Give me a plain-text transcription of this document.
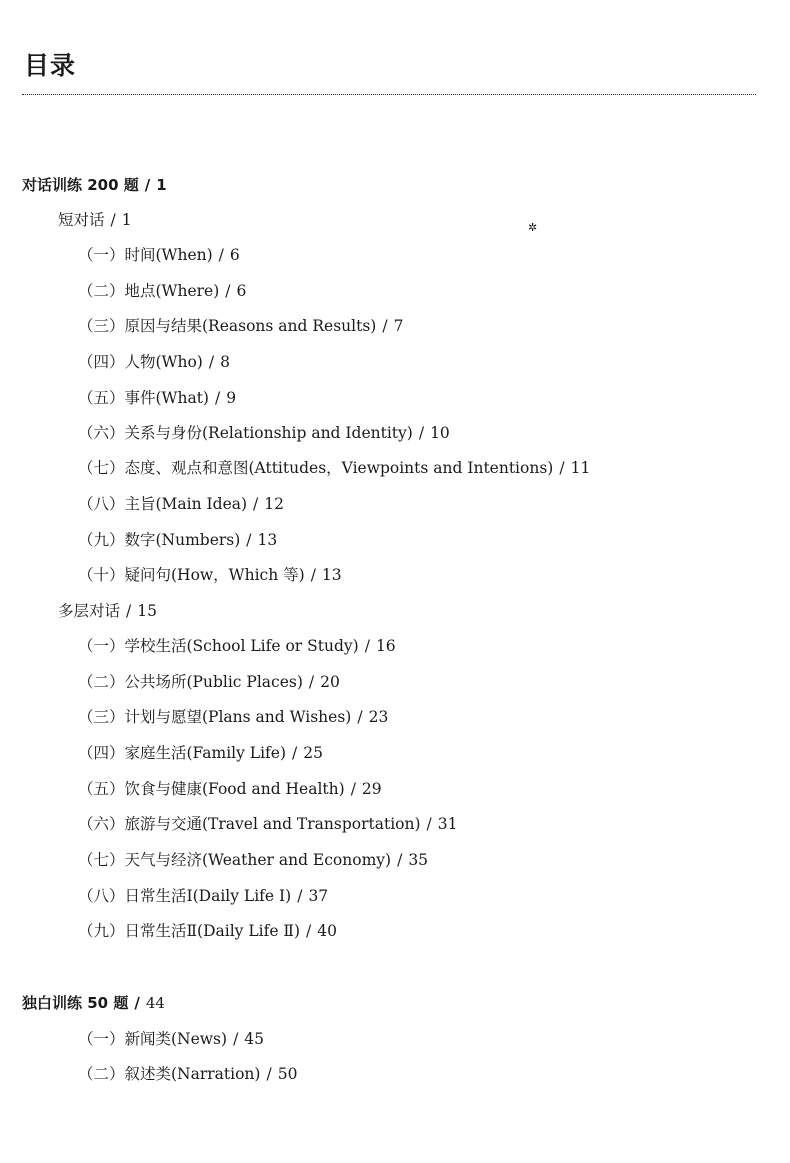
目录
✲
对话训练 200 题 / 1
短对话 / 1
（一）时间(When) / 6
（二）地点(Where) / 6
（三）原因与结果(Reasons and Results) / 7
（四）人物(Who) / 8
（五）事件(What) / 9
（六）关系与身份(Relationship and Identity) / 10
（七）态度、观点和意图(Attitudes，Viewpoints and Intentions) / 11
（八）主旨(Main Idea) / 12
（九）数字(Numbers) / 13
（十）疑问句(How，Which 等) / 13
多层对话 / 15
（一）学校生活(School Life or Study) / 16
（二）公共场所(Public Places) / 20
（三）计划与愿望(Plans and Wishes) / 23
（四）家庭生活(Family Life) / 25
（五）饮食与健康(Food and Health) / 29
（六）旅游与交通(Travel and Transportation) / 31
（七）天气与经济(Weather and Economy) / 35
（八）日常生活Ⅰ(Daily Life Ⅰ) / 37
（九）日常生活Ⅱ(Daily Life Ⅱ) / 40
独白训练 50 题 / 44
（一）新闻类(News) / 45
（二）叙述类(Narration) / 50
